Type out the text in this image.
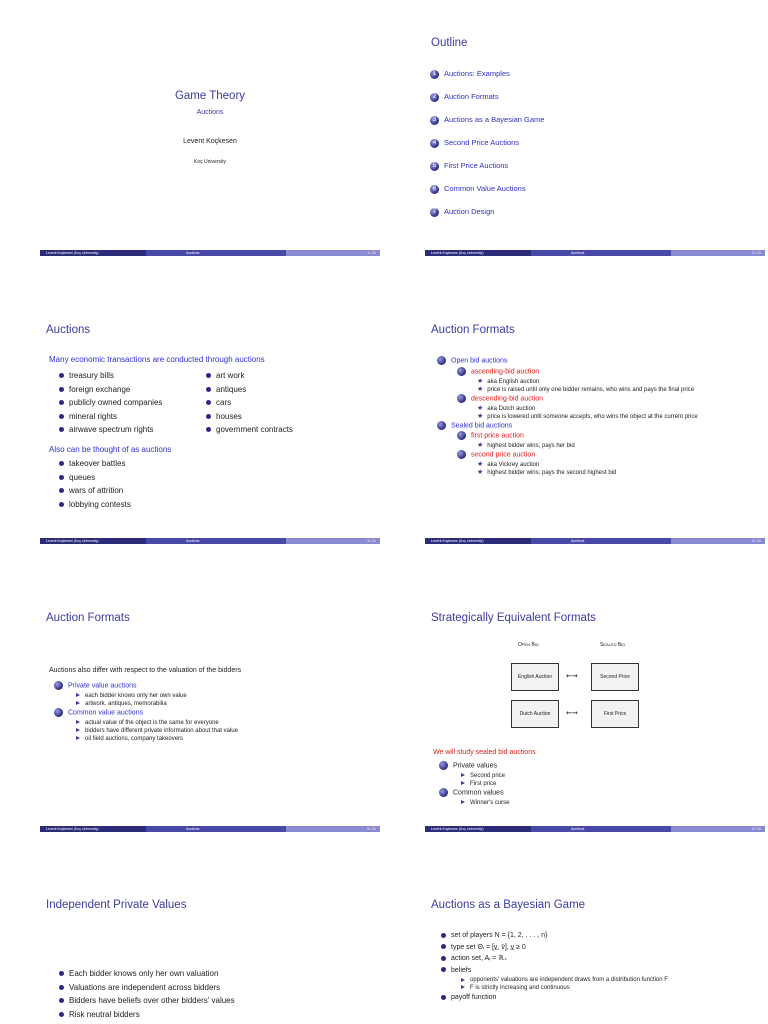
Game Theory
Auctions
Levent Koçkesen
Koç University
Levent Koçkesen (Koç University)	Auctions	1 / 21
Outline
1 Auctions: Examples
2 Auction Formats
3 Auctions as a Bayesian Game
4 Second Price Auctions
5 First Price Auctions
6 Common Value Auctions
7 Auction Design
Levent Koçkesen (Koç University)	Auctions	2 / 21
Auctions
Many economic transactions are conducted through auctions
treasury bills
foreign exchange
publicly owned companies
mineral rights
airwave spectrum rights
art work
antiques
cars
houses
government contracts
Also can be thought of as auctions
takeover battles
queues
wars of attrition
lobbying contests
Levent Koçkesen (Koç University)	Auctions	3 / 21
Auction Formats
Open bid auctions
ascending-bid auction
★ aka English auction
★ price is raised until only one bidder remains, who wins and pays the final price
descending-bid auction
★ aka Dutch auction
★ price is lowered until someone accepts, who wins the object at the current price
Sealed bid auctions
first price auction
★ highest bidder wins; pays her bid
second price auction
★ aka Vickrey auction
★ highest bidder wins; pays the second highest bid
Levent Koçkesen (Koç University)	Auctions	4 / 21
Auction Formats
Auctions also differ with respect to the valuation of the bidders
Private value auctions
each bidder knows only her own value
artwork, antiques, memorabilia
Common value auctions
actual value of the object is the same for everyone
bidders have different private information about that value
oil field auctions, company takeovers
Levent Koçkesen (Koç University)	Auctions	5 / 21
Strategically Equivalent Formats
Open Bid	Sealed Bid
English Auction	⇜⇝	Second Price
Dutch Auction	⇜⇝	First Price
We will study sealed bid auctions
Private values
Second price
First price
Common values
Winner's curse
Levent Koçkesen (Koç University)	Auctions	6 / 21
Independent Private Values
Each bidder knows only her own valuation
Valuations are independent across bidders
Bidders have beliefs over other bidders' values
Risk neutral bidders
Auctions as a Bayesian Game
set of players N = {1, 2, . . . , n}
type set Θᵢ = [v̲, v̄], v̲ ≥ 0
action set, Aᵢ = ℝ₊
beliefs
opponents' valuations are independent draws from a distribution function F
F is strictly increasing and continuous
payoff function
